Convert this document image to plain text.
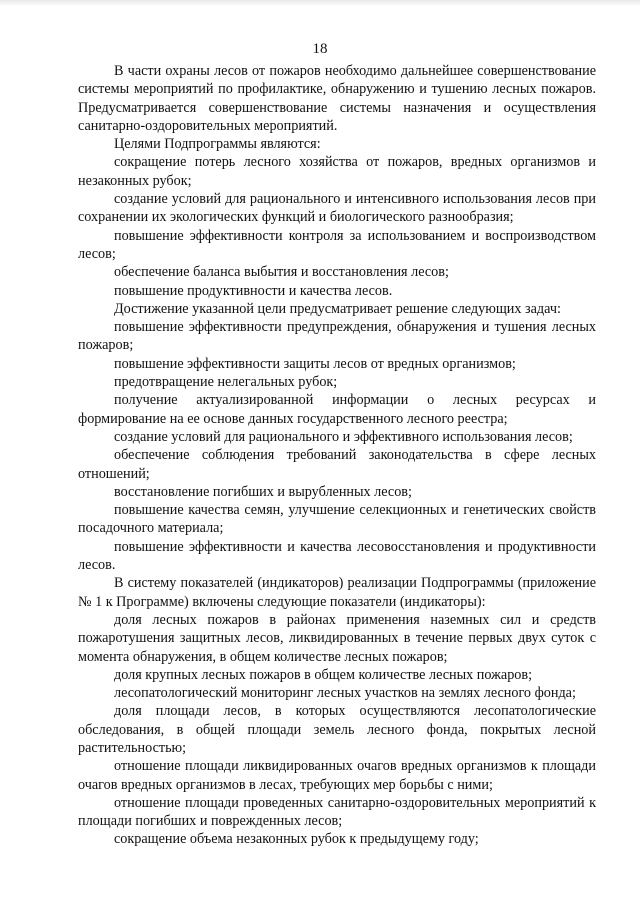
18

В части охраны лесов от пожаров необходимо дальнейшее совершенствование системы мероприятий по профилактике, обнаружению и тушению лесных пожаров. Предусматривается совершенствование системы назначения и осуществления санитарно-оздоровительных мероприятий.

Целями Подпрограммы являются:

сокращение потерь лесного хозяйства от пожаров, вредных организмов и незаконных рубок;

создание условий для рационального и интенсивного использования лесов при сохранении их экологических функций и биологического разнообразия;

повышение эффективности контроля за использованием и воспроизводством лесов;

обеспечение баланса выбытия и восстановления лесов;

повышение продуктивности и качества лесов.

Достижение указанной цели предусматривает решение следующих задач:

повышение эффективности предупреждения, обнаружения и тушения лесных пожаров;

повышение эффективности защиты лесов от вредных организмов;

предотвращение нелегальных рубок;

получение актуализированной информации о лесных ресурсах и формирование на ее основе данных государственного лесного реестра;

создание условий для рационального и эффективного использования лесов;

обеспечение соблюдения требований законодательства в сфере лесных отношений;

восстановление погибших и вырубленных лесов;

повышение качества семян, улучшение селекционных и генетических свойств посадочного материала;

повышение эффективности и качества лесовосстановления и продуктивности лесов.

В систему показателей (индикаторов) реализации Подпрограммы (приложение № 1 к Программе) включены следующие показатели (индикаторы):

доля лесных пожаров в районах применения наземных сил и средств пожаротушения защитных лесов, ликвидированных в течение первых двух суток с момента обнаружения, в общем количестве лесных пожаров;

доля крупных лесных пожаров в общем количестве лесных пожаров;

лесопатологический мониторинг лесных участков на землях лесного фонда;

доля площади лесов, в которых осуществляются лесопатологические обследования, в общей площади земель лесного фонда, покрытых лесной растительностью;

отношение площади ликвидированных очагов вредных организмов к площади очагов вредных организмов в лесах, требующих мер борьбы с ними;

отношение площади проведенных санитарно-оздоровительных мероприятий к площади погибших и поврежденных лесов;

сокращение объема незаконных рубок к предыдущему году;
